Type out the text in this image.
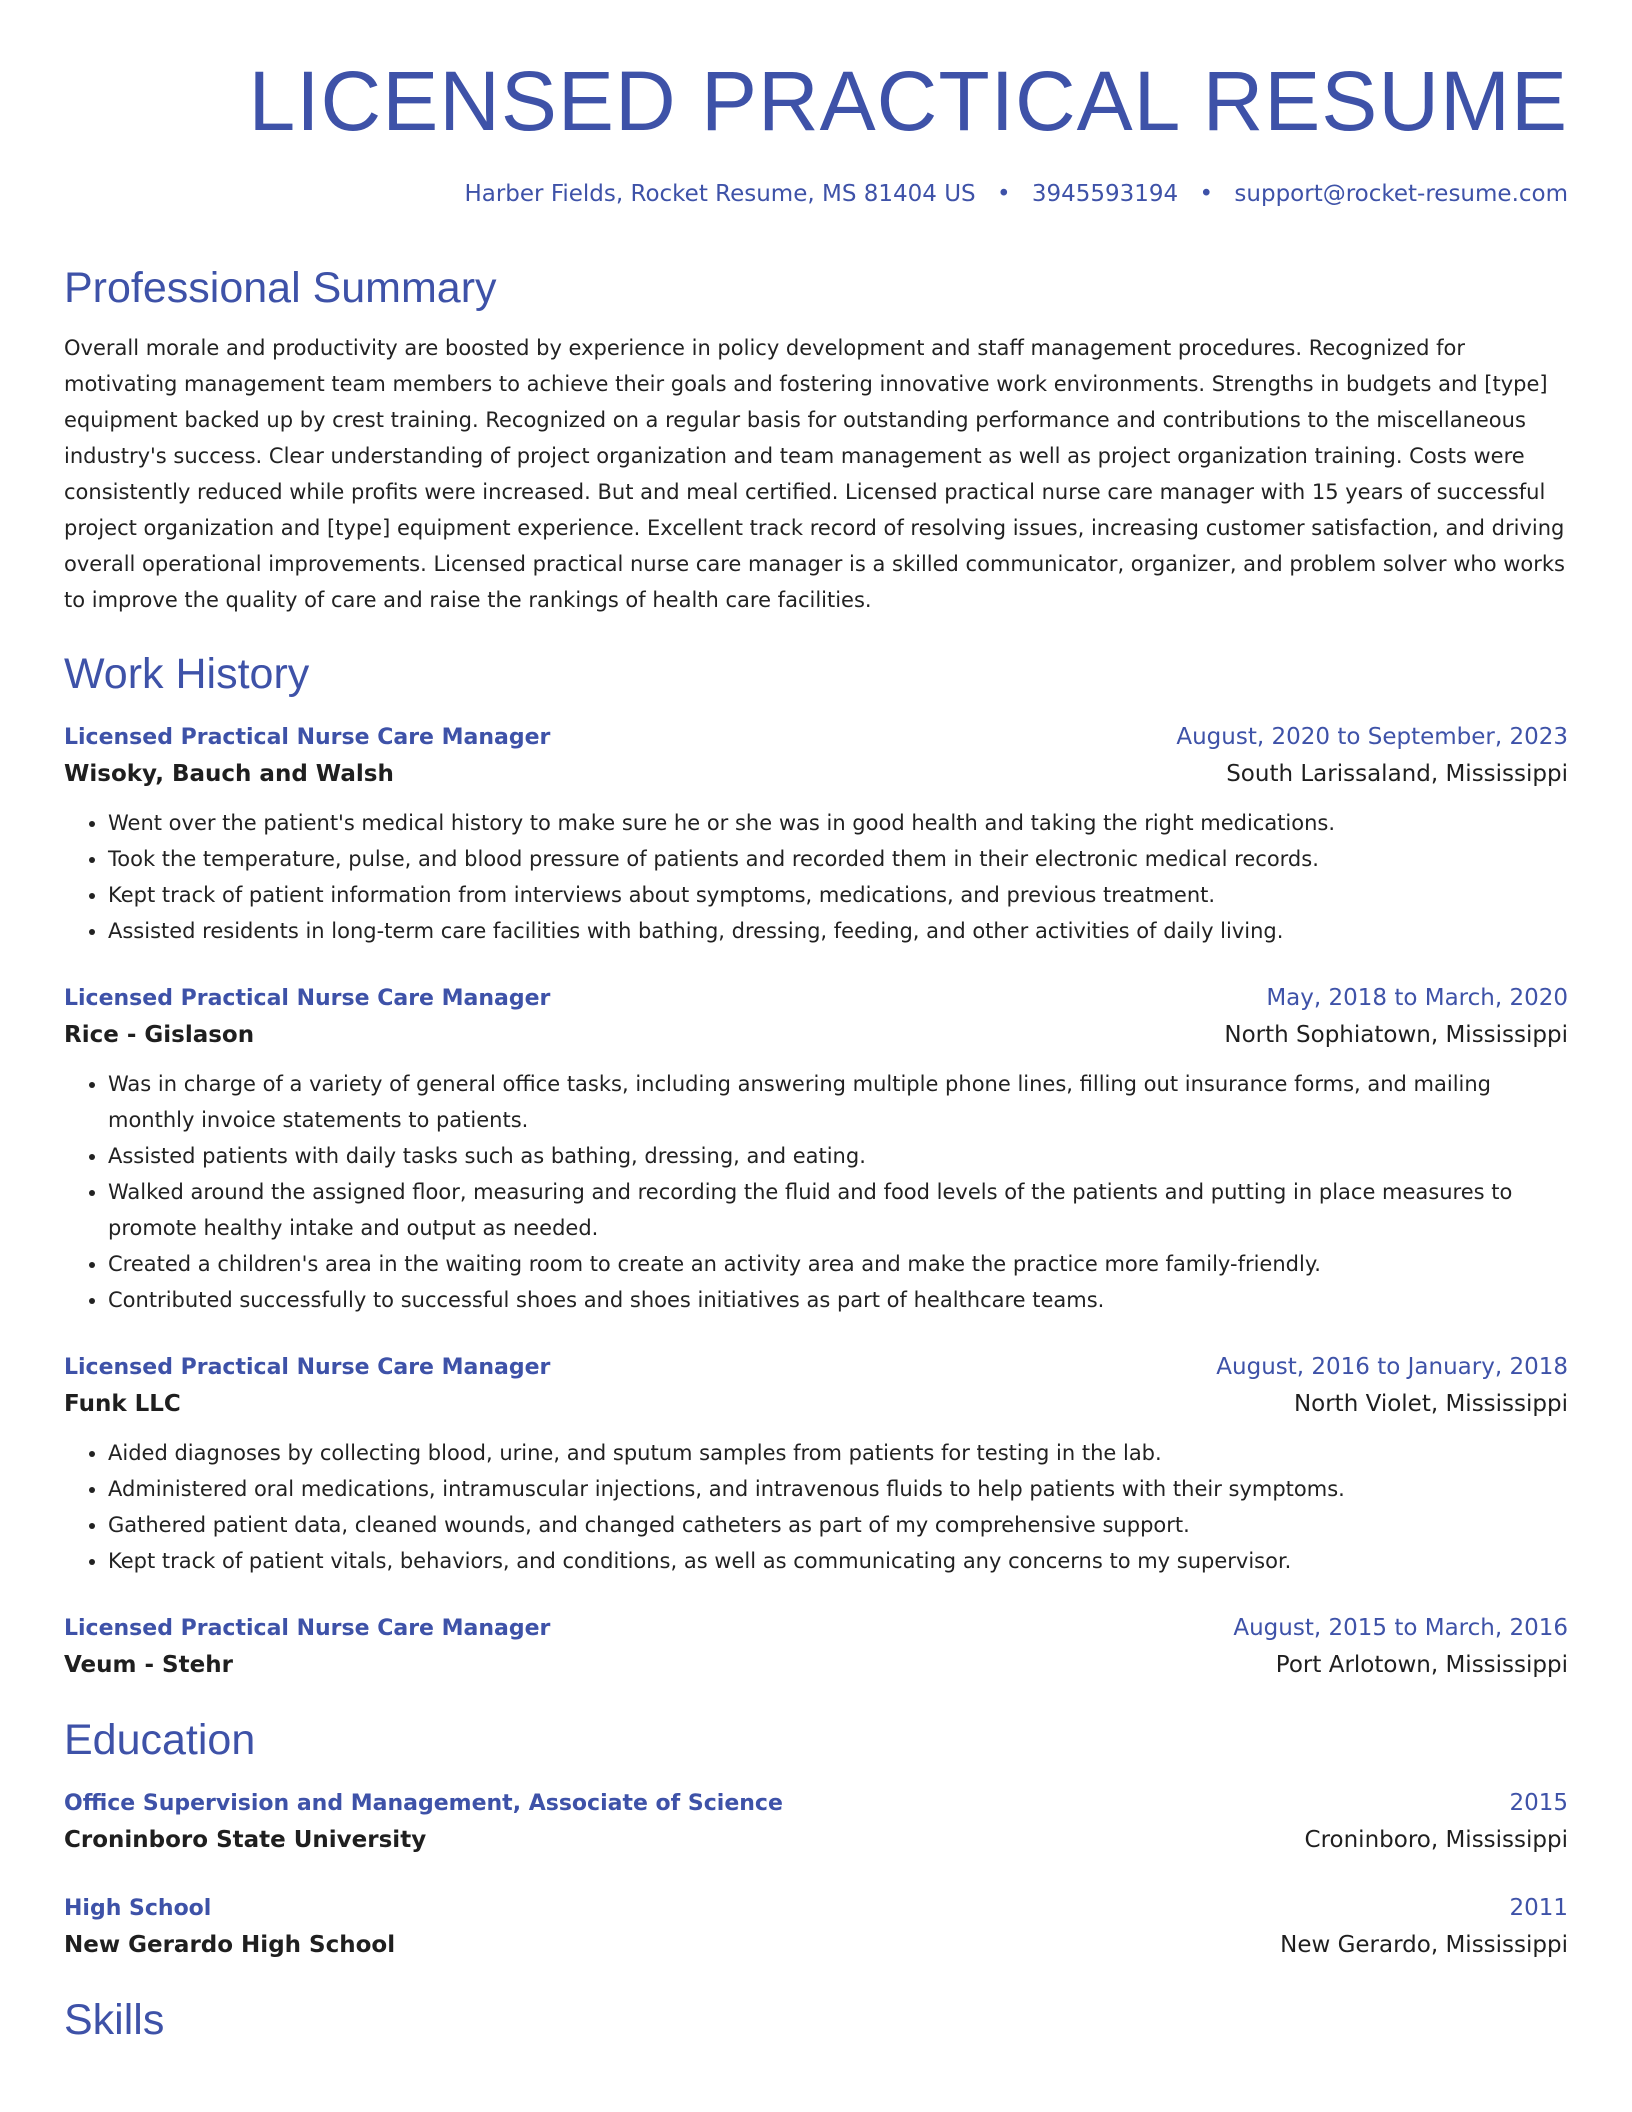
LICENSED PRACTICAL RESUME
Harber Fields, Rocket Resume, MS 81404 US • 3945593194 • support@rocket-resume.com
Professional Summary
Overall morale and productivity are boosted by experience in policy development and staff management procedures. Recognized for motivating management team members to achieve their goals and fostering innovative work environments. Strengths in budgets and [type] equipment backed up by crest training. Recognized on a regular basis for outstanding performance and contributions to the miscellaneous industry's success. Clear understanding of project organization and team management as well as project organization training. Costs were consistently reduced while profits were increased. But and meal certified. Licensed practical nurse care manager with 15 years of successful project organization and [type] equipment experience. Excellent track record of resolving issues, increasing customer satisfaction, and driving overall operational improvements. Licensed practical nurse care manager is a skilled communicator, organizer, and problem solver who works to improve the quality of care and raise the rankings of health care facilities.
Work History
Licensed Practical Nurse Care Manager	August, 2020 to September, 2023
Wisoky, Bauch and Walsh	South Larissaland, Mississippi
• Went over the patient's medical history to make sure he or she was in good health and taking the right medications.
• Took the temperature, pulse, and blood pressure of patients and recorded them in their electronic medical records.
• Kept track of patient information from interviews about symptoms, medications, and previous treatment.
• Assisted residents in long-term care facilities with bathing, dressing, feeding, and other activities of daily living.
Licensed Practical Nurse Care Manager	May, 2018 to March, 2020
Rice - Gislason	North Sophiatown, Mississippi
• Was in charge of a variety of general office tasks, including answering multiple phone lines, filling out insurance forms, and mailing monthly invoice statements to patients.
• Assisted patients with daily tasks such as bathing, dressing, and eating.
• Walked around the assigned floor, measuring and recording the fluid and food levels of the patients and putting in place measures to promote healthy intake and output as needed.
• Created a children's area in the waiting room to create an activity area and make the practice more family-friendly.
• Contributed successfully to successful shoes and shoes initiatives as part of healthcare teams.
Licensed Practical Nurse Care Manager	August, 2016 to January, 2018
Funk LLC	North Violet, Mississippi
• Aided diagnoses by collecting blood, urine, and sputum samples from patients for testing in the lab.
• Administered oral medications, intramuscular injections, and intravenous fluids to help patients with their symptoms.
• Gathered patient data, cleaned wounds, and changed catheters as part of my comprehensive support.
• Kept track of patient vitals, behaviors, and conditions, as well as communicating any concerns to my supervisor.
Licensed Practical Nurse Care Manager	August, 2015 to March, 2016
Veum - Stehr	Port Arlotown, Mississippi
Education
Office Supervision and Management, Associate of Science	2015
Croninboro State University	Croninboro, Mississippi
High School	2011
New Gerardo High School	New Gerardo, Mississippi
Skills
